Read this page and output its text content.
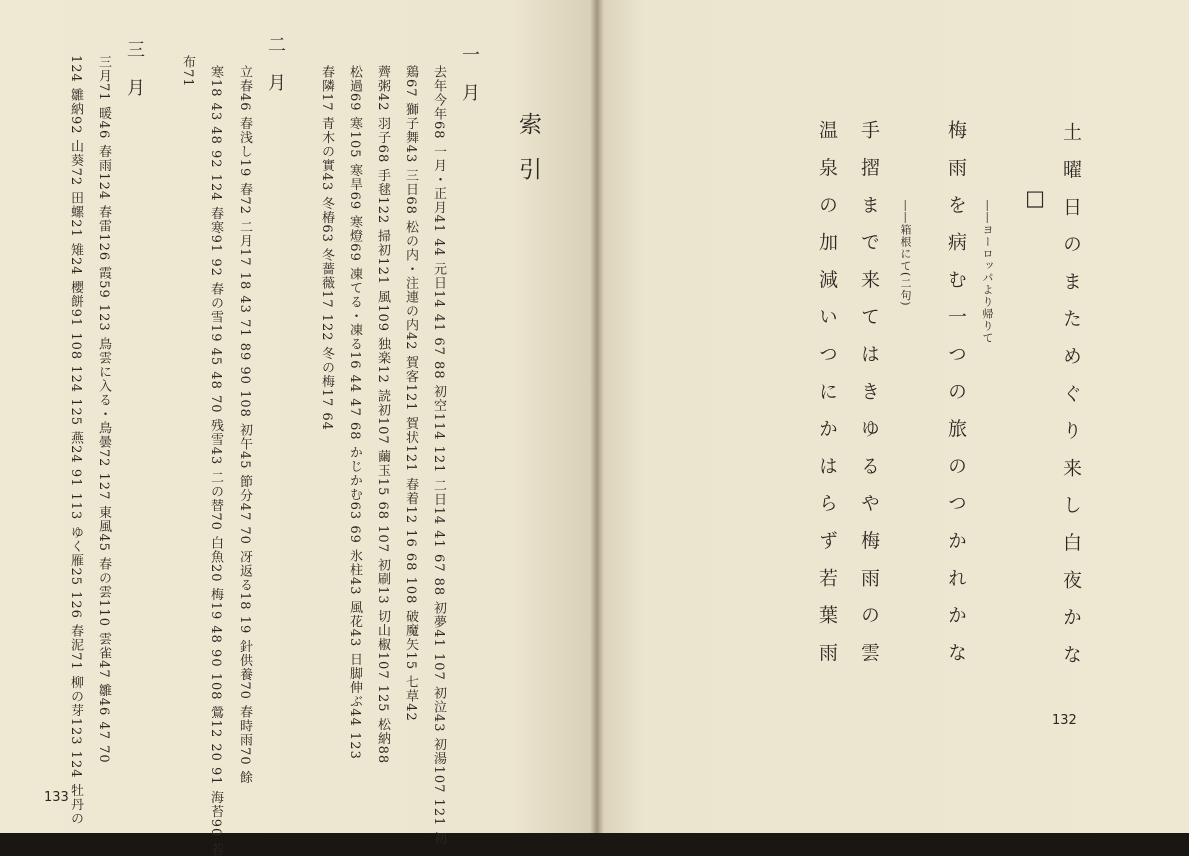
索引
一月
去年今年68 一月・正月41 44 元日14 41 67 88 初空114 121 二日14 41 67 88 初夢41 107 初泣43 初湯107 121 初
鶏67 獅子舞43 三日68 松の内・注連の内42 賀客121 賀状121 春着12 16 68 108 破魔矢15 七草42
薺粥42 羽子68 手毬122 掃初121 風109 独楽12 読初107 繭玉15 68 107 初刷13 切山椒107 125 松納88
松過69 寒105 寒旱69 寒燈69 凍てる・凍る16 44 47 68 かじかむ63 69 氷柱43 風花43 日脚伸ぶ44 123
春隣17 青木の實43 冬椿63 冬薔薇17 122 冬の梅17 64
二月
立春46 春浅し19 春72 二月17 18 43 71 89 90 108 初午45 節分47 70 冴返る18 19 針供養70 春時雨70 餘
寒18 43 48 92 124 春寒91 92 春の雪19 45 48 70 残雪43 二の替70 白魚20 梅19 48 90 108 鶯12 20 91 海苔90 若
布71
三月
三月71 暖46 春雨124 春雷126 霞59 123 鳥雲に入る・鳥曇72 127 東風45 春の雲110 雲雀47 雛46 47 70
124 雛納92 山葵72 田螺21 雉24 櫻餅91 108 124 125 燕24 91 113 ゆく雁25 126 春泥71 柳の芽123 124 牡丹の
133
土曜日のまためぐり来し白夜かな
□
――ヨーロッパより帰りて
梅雨を病む一つの旅のつかれかな
――箱根にて(二句)
手摺まで来てはきゆるや梅雨の雲
温泉の加減いつにかはらず若葉雨
132
